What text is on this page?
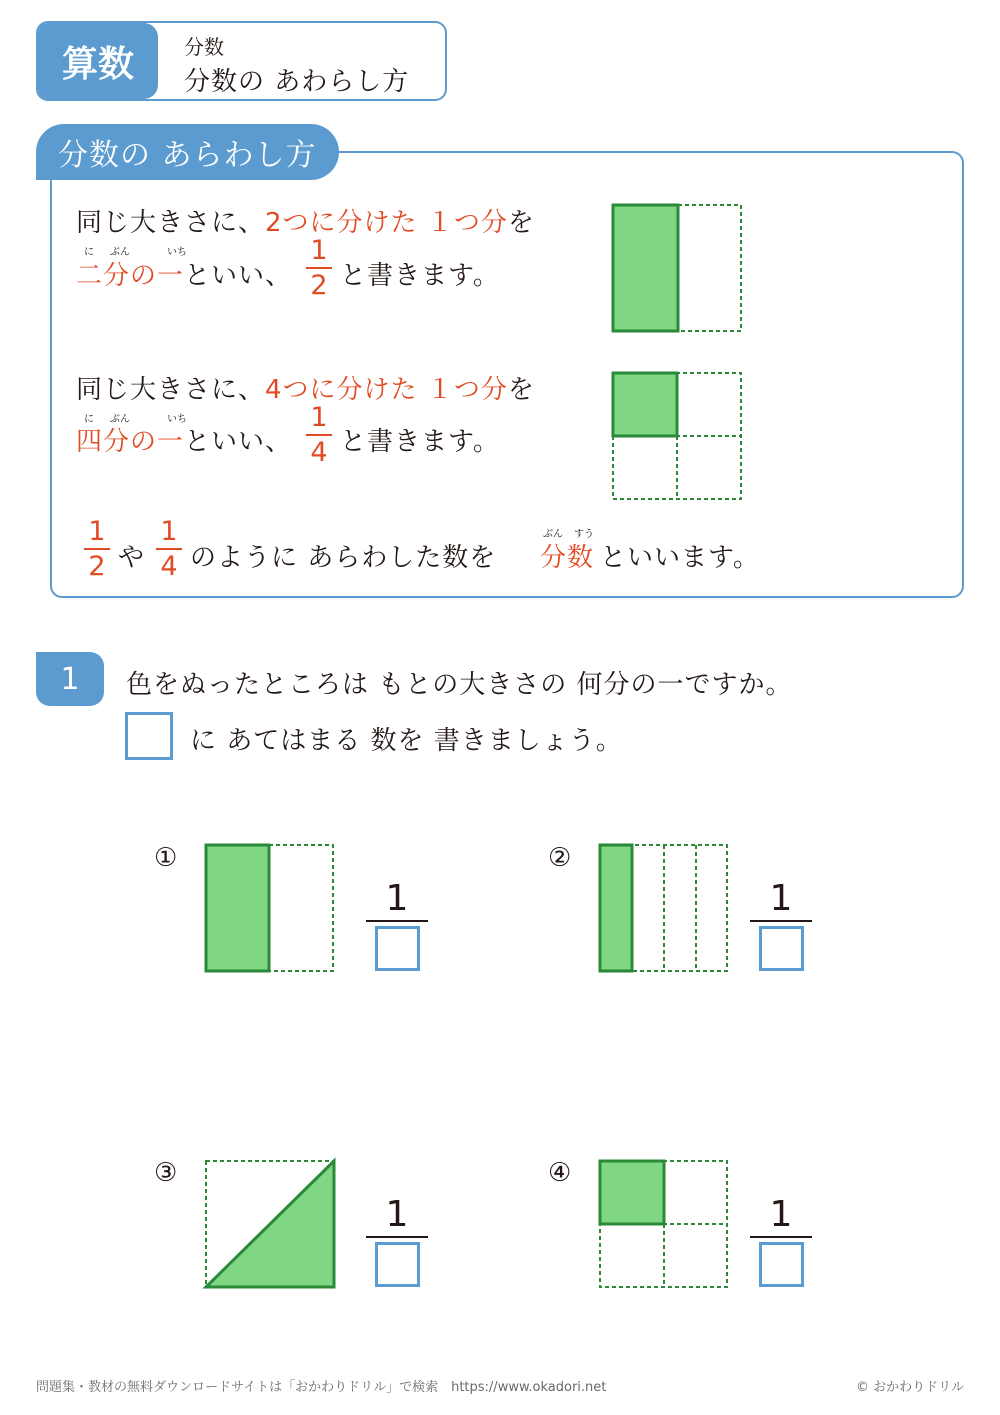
算数	分数
分数の あわらし方
分数の あらわし方
同じ大きさに、2つに分けた １つ分を
に ぶん	いち
二分の一といい、
1
2 と書きます。
同じ大きさに、4つに分けた １つ分を
に ぶん	いち
四分の一といい、
1
4 と書きます。
1
2 や
1
4 のように あらわした数を
ぶん すう
分数 といいます。
1	色をぬったところは もとの大きさの 何分の一ですか。
に あてはまる 数を 書きましょう。
①
1
②
1
③
1
④
1
問題集・教材の無料ダウンロードサイトは「おかわりドリル」で検索　https://www.okadori.net	© おかわりドリル
